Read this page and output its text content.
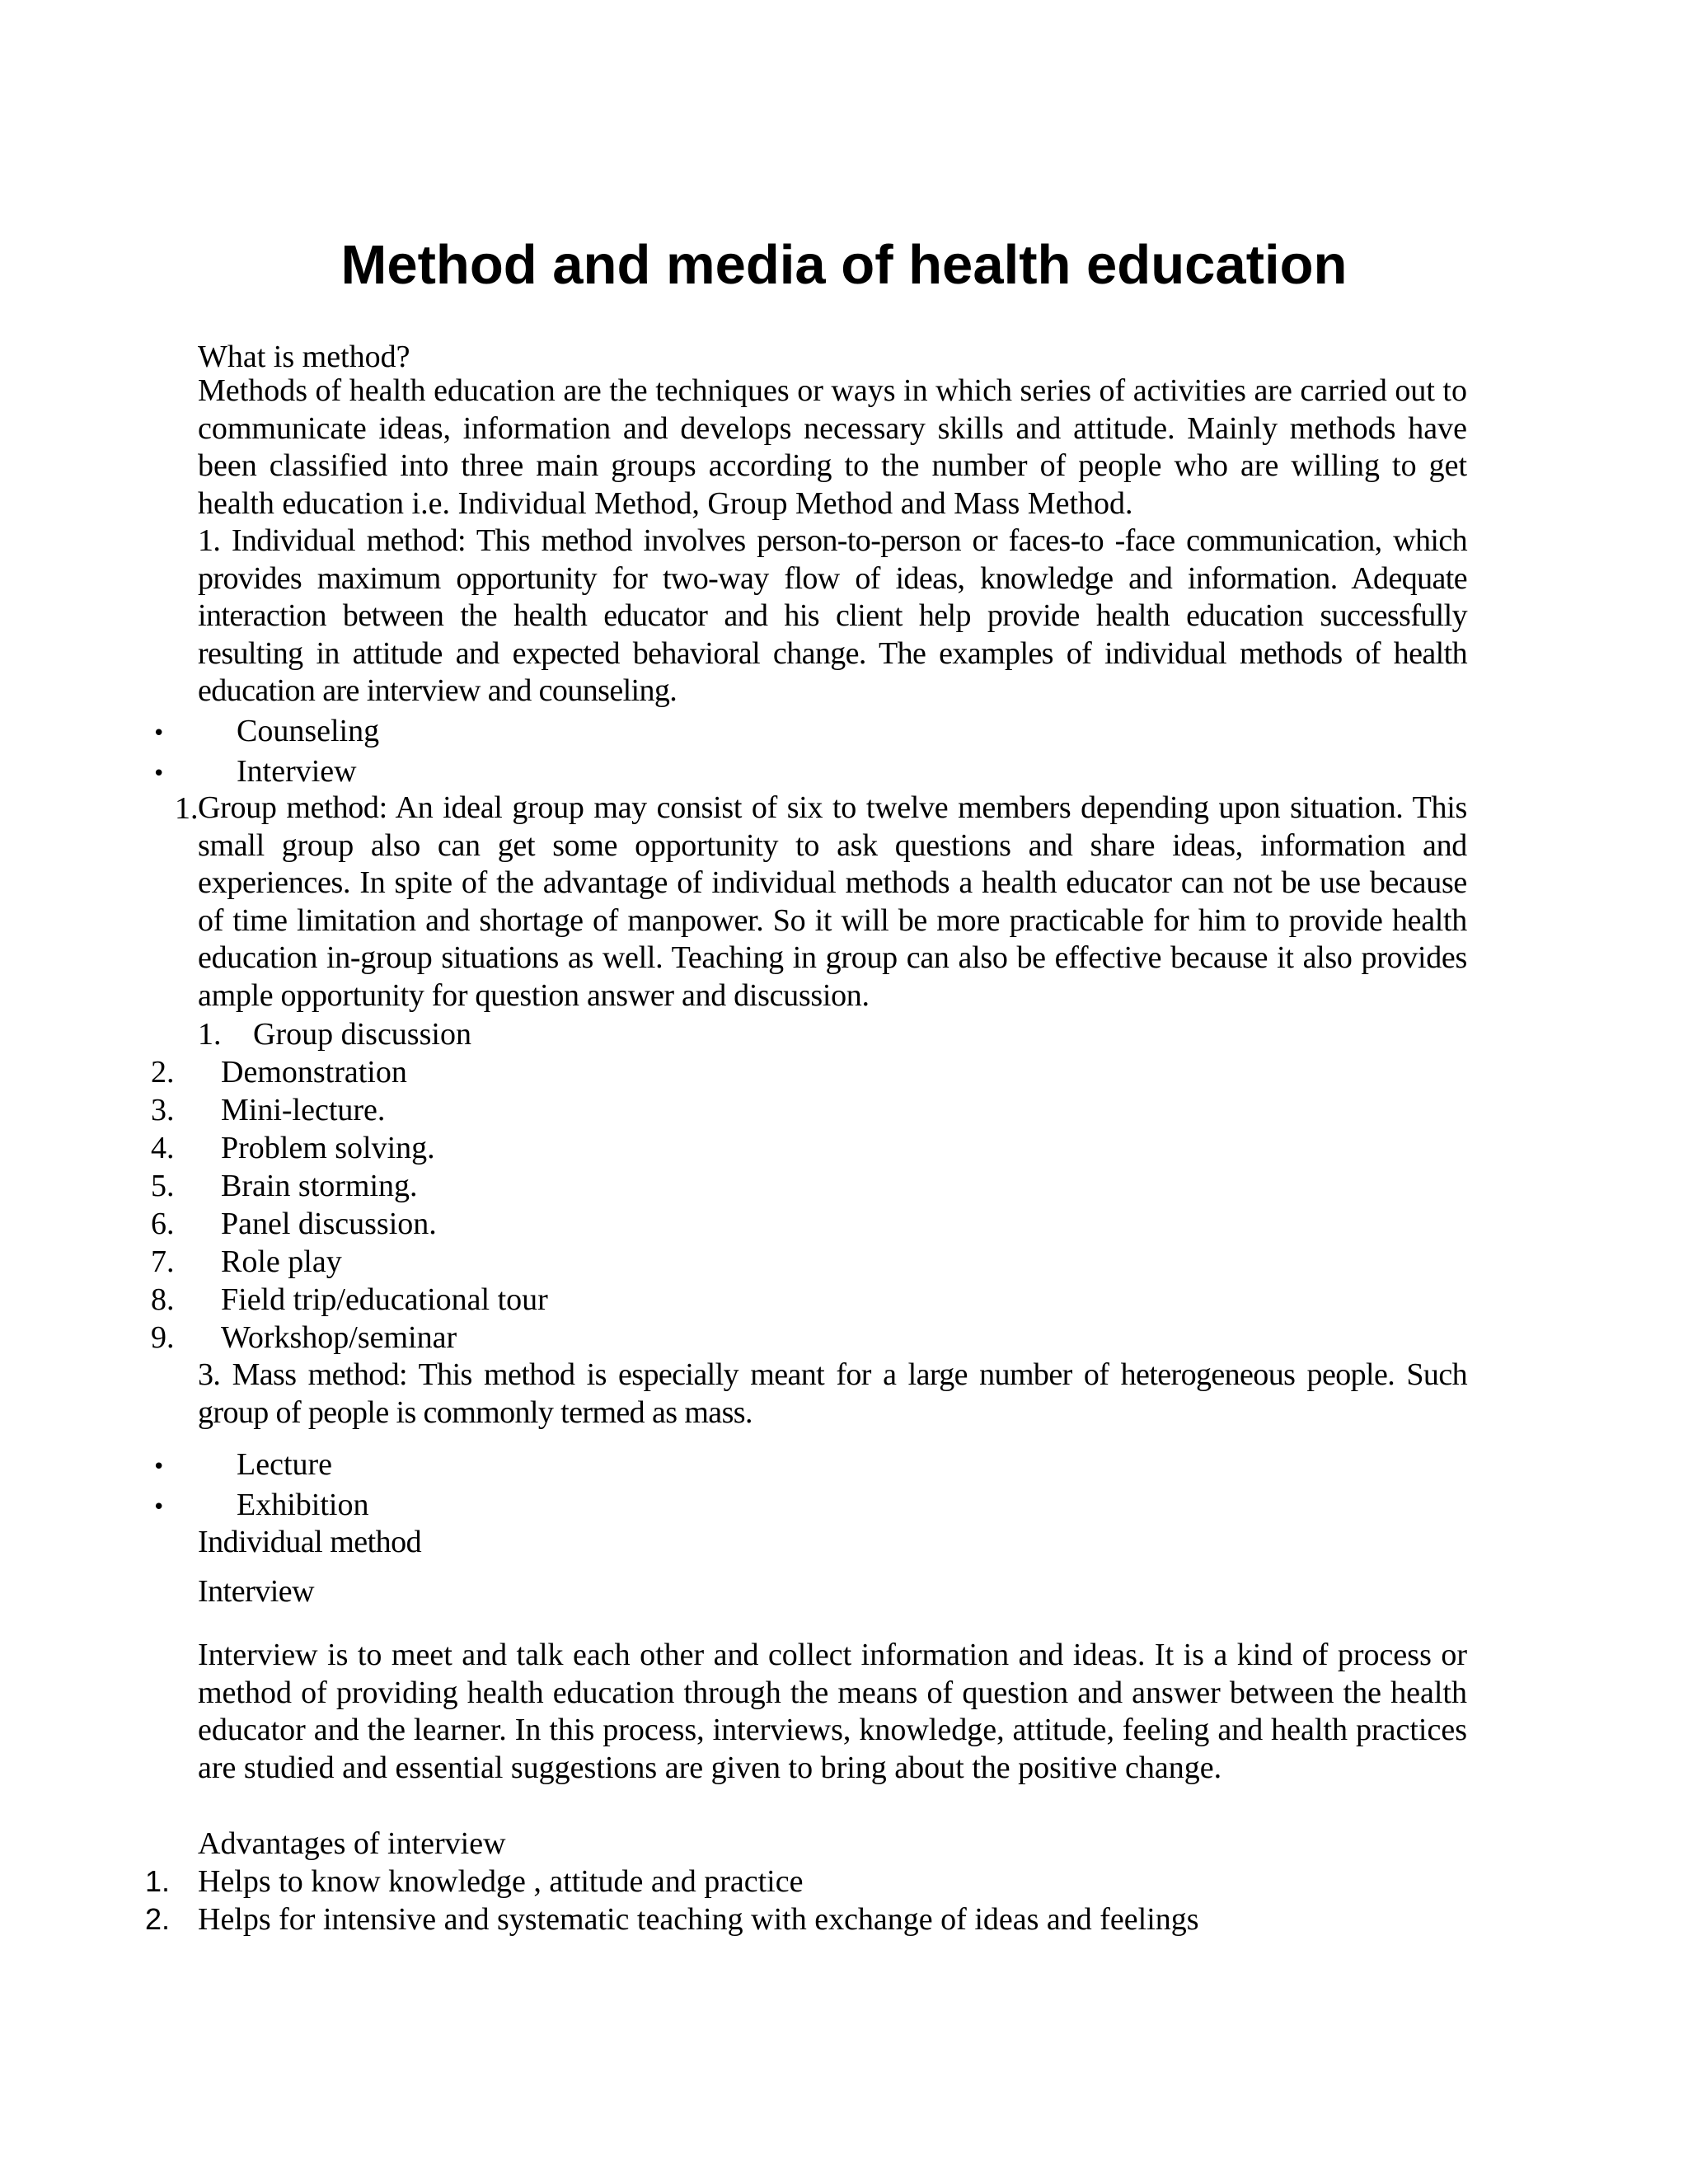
Method and media of health education

What is method?

Methods of health education are the techniques or ways in which series of activities are carried out to communicate ideas, information and develops necessary skills and attitude. Mainly methods have been classified into three main groups according to the number of people who are willing to get health education i.e. Individual Method, Group Method and Mass Method.

1. Individual method: This method involves person-to-person or faces-to -face communication, which provides maximum opportunity for two-way flow of ideas, knowledge and information. Adequate interaction between the health educator and his client help provide health education successfully resulting in attitude and expected behavioral change. The examples of individual methods of health education are interview and counseling.

• Counseling
• Interview
1. Group method: An ideal group may consist of six to twelve members depending upon situation. This small group also can get some opportunity to ask questions and share ideas, information and experiences. In spite of the advantage of individual methods a health educator can not be use because of time limitation and shortage of manpower. So it will be more practicable for him to provide health education in-group situations as well. Teaching in group can also be effective because it also provides ample opportunity for question answer and discussion.

1. Group discussion
2. Demonstration
3. Mini-lecture.
4. Problem solving.
5. Brain storming.
6. Panel discussion.
7. Role play
8. Field trip/educational tour
9. Workshop/seminar

3. Mass method: This method is especially meant for a large number of heterogeneous people. Such group of people is commonly termed as mass.

• Lecture
• Exhibition

Individual method

Interview

Interview is to meet and talk each other and collect information and ideas. It is a kind of process or method of providing health education through the means of question and answer between the health educator and the learner. In this process, interviews, knowledge, attitude, feeling and health practices are studied and essential suggestions are given to bring about the positive change.

Advantages of interview

1. Helps to know knowledge , attitude and practice
2. Helps for intensive and systematic teaching with exchange of ideas and feelings
